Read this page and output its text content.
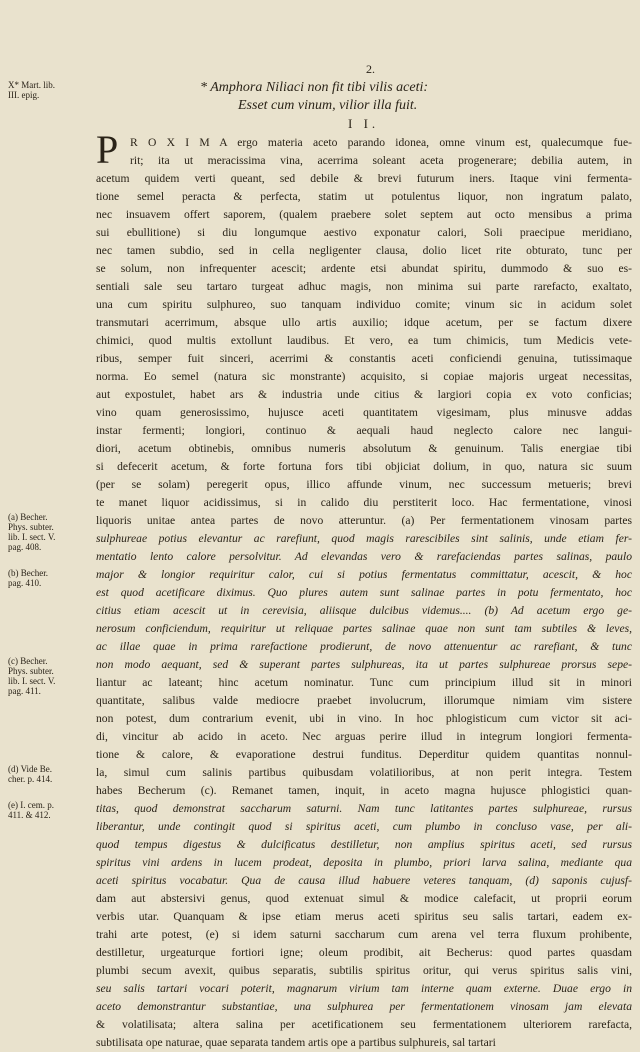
2.
X* Mart. lib.
III. epig.
(a) Becher.
Phys. subter.
lib. I. sect. V.
pag. 408.
(b) Becher.
pag. 410.
(c) Becher.
Phys. subter.
lib. I. sect. V.
pag. 411.
(d) Vide Be.
cher. p. 414.
(e) I. cem. p.
411. & 412.
* Amphora Niliaci non fit tibi vilis aceti:
Esset cum vinum, vilior illa fuit.
I I.
P	R O X I M A ergo materia aceto parando idonea, omne vinum est, qualecumque fue-
rit; ita ut meracissima vina, acerrima soleant aceta progenerare; debilia autem, in
acetum quidem verti queant, sed debile & brevi futurum iners. Itaque vini fermenta-
tione semel peracta & perfecta, statim ut potulentus liquor, non ingratum palato,
nec insuavem offert saporem, (qualem praebere solet septem aut octo mensibus a prima
sui ebullitione) si diu longumque aestivo exponatur calori, Soli praecipue meridiano,
nec tamen subdio, sed in cella negligenter clausa, dolio licet rite obturato, tunc per
se solum, non infrequenter acescit; ardente etsi abundat spiritu, dummodo & suo es-
sentiali sale seu tartaro turgeat adhuc magis, non minima sui parte rarefacto, exaltato,
una cum spiritu sulphureo, suo tanquam individuo comite; vinum sic in acidum solet
transmutari acerrimum, absque ullo artis auxilio; idque acetum, per se factum dixere
chimici, quod multis extollunt laudibus. Et vero, ea tum chimicis, tum Medicis vete-
ribus, semper fuit sinceri, acerrimi & constantis aceti conficiendi genuina, tutissimaque
norma. Eo semel (natura sic monstrante) acquisito, si copiae majoris urgeat necessitas,
aut expostulet, habet ars & industria unde citius & largiori copia ex voto conficias;
vino quam generosissimo, hujusce aceti quantitatem vigesimam, plus minusve addas
instar fermenti; longiori, continuo & aequali haud neglecto calore nec langui-
diori, acetum obtinebis, omnibus numeris absolutum & genuinum. Talis energiae tibi
si defecerit acetum, & forte fortuna fors tibi objiciat dolium, in quo, natura sic suum
(per se solam) peregerit opus, illico affunde vinum, nec successum metueris; brevi
te manet liquor acidissimus, si in calido diu perstiterit loco. Hac fermentatione, vinosi
liquoris unitae antea partes de novo atteruntur. (a) Per fermentationem vinosam partes
sulphureae potius elevantur ac rarefiunt, quod magis rarescibiles sint salinis, unde etiam fer-
mentatio lento calore persolvitur. Ad elevandas vero & rarefaciendas partes salinas, paulo
major & longior requiritur calor, cui si potius fermentatus committatur, acescit, & hoc
est quod acetificare diximus. Quo plures autem sunt salinae partes in potu fermentato, hoc
citius etiam acescit ut in cerevisia, aliisque dulcibus videmus.... (b) Ad acetum ergo ge-
nerosum conficiendum, requiritur ut reliquae partes salinae quae non sunt tam subtiles & leves,
ac illae quae in prima rarefactione prodierunt, de novo attenuentur ac rarefiant, & tunc
non modo aequant, sed & superant partes sulphureas, ita ut partes sulphureae prorsus sepe-
liantur ac lateant; hinc acetum nominatur. Tunc cum principium illud sit in minori
quantitate, salibus valde mediocre praebet involucrum, illorumque nimiam vim sistere
non potest, dum contrarium evenit, ubi in vino. In hoc phlogisticum cum victor sit aci-
di, vincitur ab acido in aceto. Nec arguas perire illud in integrum longiori fermenta-
tione & calore, & evaporatione destrui funditus. Deperditur quidem quantitas nonnul-
la, simul cum salinis partibus quibusdam volatilioribus, at non perit integra. Testem
habes Becherum (c). Remanet tamen, inquit, in aceto magna hujusce phlogistici quan-
titas, quod demonstrat saccharum saturni. Nam tunc latitantes partes sulphureae, rursus
liberantur, unde contingit quod si spiritus aceti, cum plumbo in concluso vase, per ali-
quod tempus digestus & dulcificatus destilletur, non amplius spiritus aceti, sed rursus
spiritus vini ardens in lucem prodeat, deposita in plumbo, priori larva salina, mediante qua
aceti spiritus vocabatur. Qua de causa illud habuere veteres tanquam, (d) saponis cujusf-
dam aut abstersivi genus, quod extenuat simul & modice calefacit, ut proprii eorum
verbis utar. Quanquam & ipse etiam merus aceti spiritus seu salis tartari, eadem ex-
trahi arte potest, (e) si idem saturni saccharum cum arena vel terra fluxum prohibente,
destilletur, urgeaturque fortiori igne; oleum prodibit, ait Becherus: quod partes quasdam
plumbi secum avexit, quibus separatis, subtilis spiritus oritur, qui verus spiritus salis vini,
seu salis tartari vocari poterit, magnarum virium tam interne quam externe. Duae ergo in
aceto demonstrantur substantiae, una sulphurea per fermentationem vinosam jam elevata
& volatilisata; altera salina per acetificationem seu fermentationem ulteriorem rarefacta,
subtilisata ope naturae, quae separata tandem artis ope a partibus sulphureis, sal tartari
